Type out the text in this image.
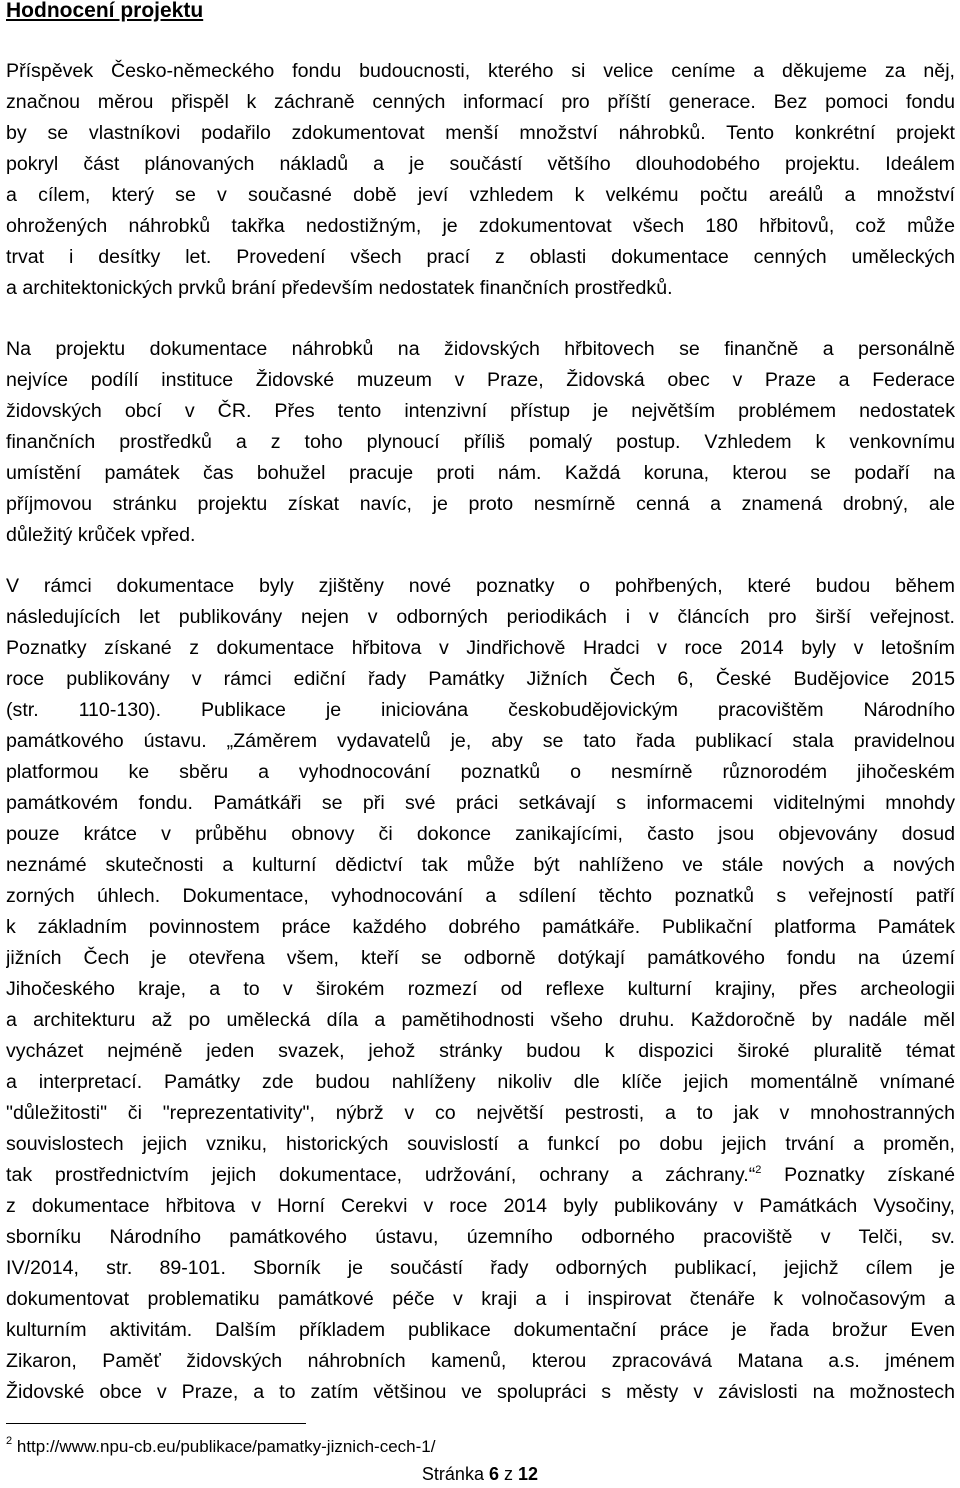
Hodnocení projektu
Příspěvek Česko-německého fondu budoucnosti, kterého si velice ceníme a děkujeme za něj,
značnou měrou přispěl k záchraně cenných informací pro příští generace. Bez pomoci fondu
by se vlastníkovi podařilo zdokumentovat menší množství náhrobků. Tento konkrétní projekt
pokryl část plánovaných nákladů a je součástí většího dlouhodobého projektu. Ideálem
a cílem, který se v současné době jeví vzhledem k velkému počtu areálů a množství
ohrožených náhrobků takřka nedostižným, je zdokumentovat všech 180 hřbitovů, což může
trvat i desítky let. Provedení všech prací z oblasti dokumentace cenných uměleckých
a architektonických prvků brání především nedostatek finančních prostředků.
Na projektu dokumentace náhrobků na židovských hřbitovech se finančně a personálně
nejvíce podílí instituce Židovské muzeum v Praze, Židovská obec v Praze a Federace
židovských obcí v ČR. Přes tento intenzivní přístup je největším problémem nedostatek
finančních prostředků a z toho plynoucí příliš pomalý postup. Vzhledem k venkovnímu
umístění památek čas bohužel pracuje proti nám. Každá koruna, kterou se podaří na
příjmovou stránku projektu získat navíc, je proto nesmírně cenná a znamená drobný, ale
důležitý krůček vpřed.
V rámci dokumentace byly zjištěny nové poznatky o pohřbených, které budou během
následujících let publikovány nejen v odborných periodikách i v článcích pro širší veřejnost.
Poznatky získané z dokumentace hřbitova v Jindřichově Hradci v roce 2014 byly v letošním
roce publikovány v rámci ediční řady Památky Jižních Čech 6, České Budějovice 2015
(str. 110-130). Publikace je iniciována českobudějovickým pracovištěm Národního
památkového ústavu. „Záměrem vydavatelů je, aby se tato řada publikací stala pravidelnou
platformou ke sběru a vyhodnocování poznatků o nesmírně různorodém jihočeském
památkovém fondu. Památkáři se při své práci setkávají s informacemi viditelnými mnohdy
pouze krátce v průběhu obnovy či dokonce zanikajícími, často jsou objevovány dosud
neznámé skutečnosti a kulturní dědictví tak může být nahlíženo ve stále nových a nových
zorných úhlech. Dokumentace, vyhodnocování a sdílení těchto poznatků s veřejností patří
k základním povinnostem práce každého dobrého památkáře. Publikační platforma Památek
jižních Čech je otevřena všem, kteří se odborně dotýkají památkového fondu na území
Jihočeského kraje, a to v širokém rozmezí od reflexe kulturní krajiny, přes archeologii
a architekturu až po umělecká díla a pamětihodnosti všeho druhu. Každoročně by nadále měl
vycházet nejméně jeden svazek, jehož stránky budou k dispozici široké pluralitě témat
a interpretací. Památky zde budou nahlíženy nikoliv dle klíče jejich momentálně vnímané
"důležitosti" či "reprezentativity", nýbrž v co největší pestrosti, a to jak v mnohostranných
souvislostech jejich vzniku, historických souvislostí a funkcí po dobu jejich trvání a proměn,
tak prostřednictvím jejich dokumentace, udržování, ochrany a záchrany.“$^2$ Poznatky získané
z dokumentace hřbitova v Horní Cerekvi v roce 2014 byly publikovány v Památkách Vysočiny,
sborníku Národního památkového ústavu, územního odborného pracoviště v Telči, sv.
IV/2014, str. 89-101. Sborník je součástí řady odborných publikací, jejichž cílem je
dokumentovat problematiku památkové péče v kraji a i inspirovat čtenáře k volnočasovým a
kulturním aktivitám. Dalším příkladem publikace dokumentační práce je řada brožur Even
Zikaron, Paměť židovských náhrobních kamenů, kterou zpracovává Matana a.s. jménem
Židovské obce v Praze, a to zatím většinou ve spolupráci s městy v závislosti na možnostech
$^2$ http://www.npu-cb.eu/publikace/pamatky-jiznich-cech-1/
Stránka 6 z 12
